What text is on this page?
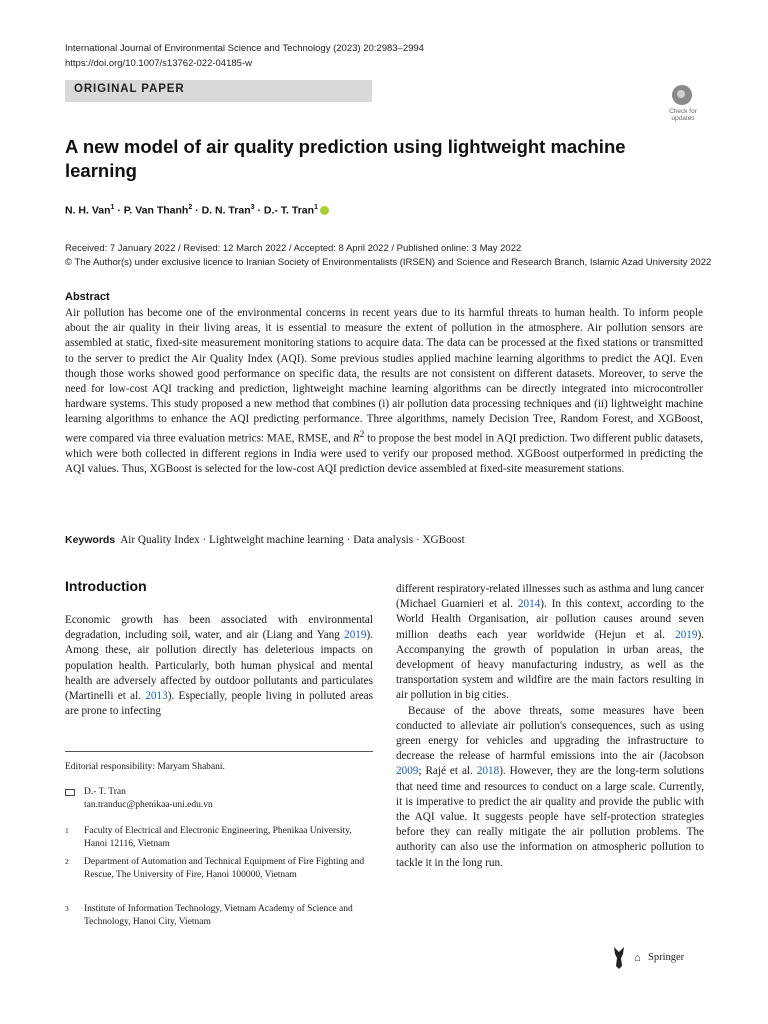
International Journal of Environmental Science and Technology (2023) 20:2983–2994
https://doi.org/10.1007/s13762-022-04185-w
ORIGINAL PAPER
Check for
updates
A new model of air quality prediction using lightweight machine learning
N. H. Van$^1$ · P. Van Thanh$^2$ · D. N. Tran$^3$ · D.- T. Tran$^1$
Received: 7 January 2022 / Revised: 12 March 2022 / Accepted: 8 April 2022 / Published online: 3 May 2022
© The Author(s) under exclusive licence to Iranian Society of Environmentalists (IRSEN) and Science and Research Branch, Islamic Azad University 2022
Abstract
Air pollution has become one of the environmental concerns in recent years due to its harmful threats to human health. To inform people about the air quality in their living areas, it is essential to measure the extent of pollution in the atmosphere. Air pollution sensors are assembled at static, fixed-site measurement monitoring stations to acquire data. The data can be processed at the fixed stations or transmitted to the server to predict the Air Quality Index (AQI). Some previous studies applied machine learning algorithms to predict the AQI. Even though those works showed good performance on specific data, the results are not consistent on different datasets. Moreover, to serve the need for low-cost AQI tracking and prediction, lightweight machine learning algorithms can be directly integrated into microcontroller hardware systems. This study proposed a new method that combines (i) air pollution data processing techniques and (ii) lightweight machine learning algorithms to enhance the AQI predicting performance. Three algorithms, namely Decision Tree, Random Forest, and XGBoost, were compared via three evaluation metrics: MAE, RMSE, and $R^2$ to propose the best model in AQI prediction. Two different public datasets, which were both collected in different regions in India were used to verify our proposed method. XGBoost outperformed in predicting the AQI values. Thus, XGBoost is selected for the low-cost AQI prediction device assembled at fixed-site measurement stations.
Keywords Air Quality Index · Lightweight machine learning · Data analysis · XGBoost
Introduction

Economic growth has been associated with environmental degradation, including soil, water, and air (Liang and Yang 2019). Among these, air pollution directly has deleterious impacts on population health. Particularly, both human physical and mental health are adversely affected by outdoor pollutants and particulates (Martinelli et al. 2013). Especially, people living in polluted areas are prone to infecting

Editorial responsibility: Maryam Shabani.
D.- T. Tran
tan.tranduc@phenikaa-uni.edu.vn
1 Faculty of Electrical and Electronic Engineering, Phenikaa University, Hanoi 12116, Vietnam
2 Department of Automation and Technical Equipment of Fire Fighting and Rescue, The University of Fire, Hanoi 100000, Vietnam
3 Institute of Information Technology, Vietnam Academy of Science and Technology, Hanoi City, Vietnam

different respiratory-related illnesses such as asthma and lung cancer (Michael Guarnieri et al. 2014). In this context, according to the World Health Organisation, air pollution causes around seven million deaths each year worldwide (Hejun et al. 2019). Accompanying the growth of population in urban areas, the development of heavy manufacturing industry, as well as the transportation system and wildfire are the main factors resulting in air pollution in big cities.

Because of the above threats, some measures have been conducted to alleviate air pollution's consequences, such as using green energy for vehicles and upgrading the infrastructure to decrease the release of harmful emissions into the air (Jacobson 2009; Rajé et al. 2018). However, they are the long-term solutions that need time and resources to conduct on a large scale. Currently, it is imperative to predict the air quality and provide the public with the AQI value. It suggests people have self-protection strategies before they can really mitigate the air pollution problems. The authority can also use the information on atmospheric pollution to tackle it in the long run.

⌂ Springer
